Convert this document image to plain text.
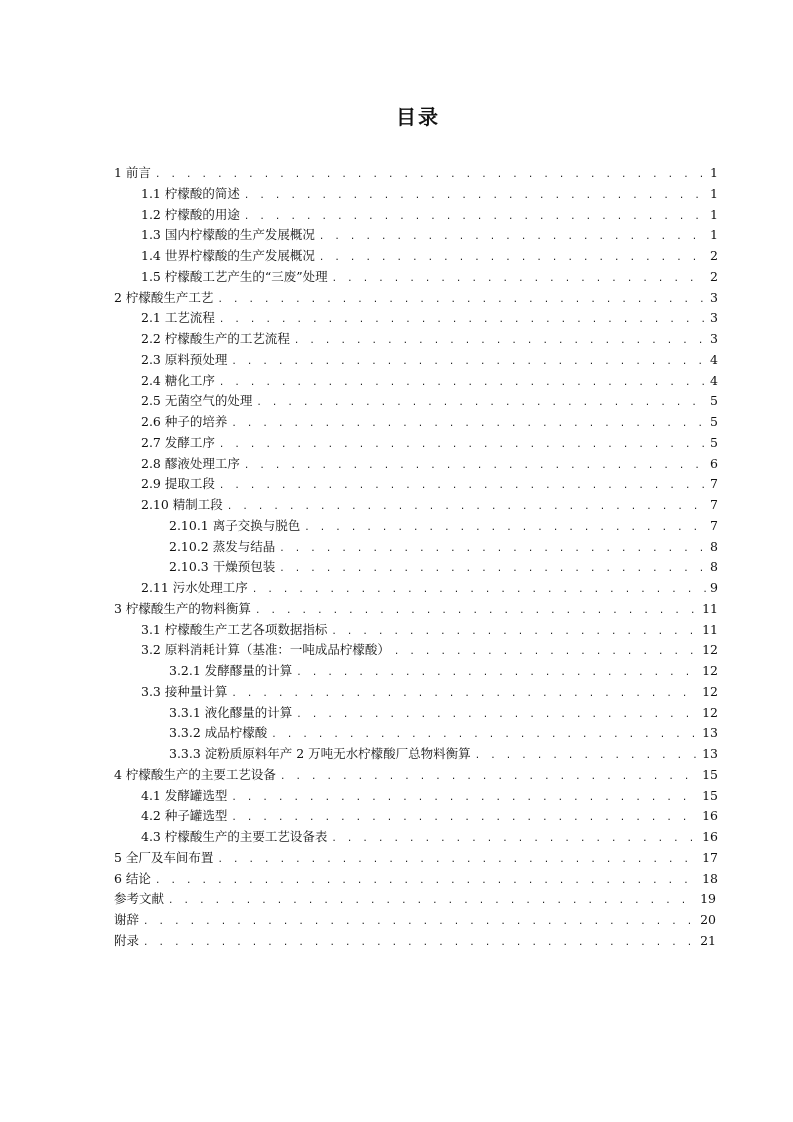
目录
1 前言 . . .	1
1.1 柠檬酸的简述 . . .	1
1.2 柠檬酸的用途 . . .	1
1.3 国内柠檬酸的生产发展概况 . . .	1
1.4 世界柠檬酸的生产发展概况 . . .	2
1.5 柠檬酸工艺产生的“三废”处理 . . .	2
2 柠檬酸生产工艺 . . .	3
2.1 工艺流程 . . .	3
2.2 柠檬酸生产的工艺流程 . . .	3
2.3 原料预处理 . . .	4
2.4 糖化工序 . . .	4
2.5 无菌空气的处理 . . .	5
2.6 种子的培养 . . .	5
2.7 发酵工序 . . .	5
2.8 醪液处理工序 . . .	6
2.9 提取工段 . . .	7
2.10 精制工段 . . .	7
2.10.1 离子交换与脱色 . . .	7
2.10.2 蒸发与结晶 . . .	8
2.10.3 干燥预包装 . . .	8
2.11 污水处理工序 . . .	9
3 柠檬酸生产的物料衡算 . . .	11
3.1 柠檬酸生产工艺各项数据指标 . . .	11
3.2 原料消耗计算（基准：一吨成品柠檬酸） . . .	12
3.2.1 发酵醪量的计算 . . .	12
3.3 接种量计算 . . .	12
3.3.1 液化醪量的计算 . . .	12
3.3.2 成品柠檬酸 . . .	13
3.3.3 淀粉质原料年产 2 万吨无水柠檬酸厂总物料衡算 . . .	13
4 柠檬酸生产的主要工艺设备 . . .	15
4.1 发酵罐选型 . . .	15
4.2 种子罐选型 . . .	16
4.3 柠檬酸生产的主要工艺设备表 . . .	16
5 全厂及车间布置 . . .	17
6 结论 . . .	18
参考文献 . . .	19
谢辞 . . .	20
附录 . . .	21
